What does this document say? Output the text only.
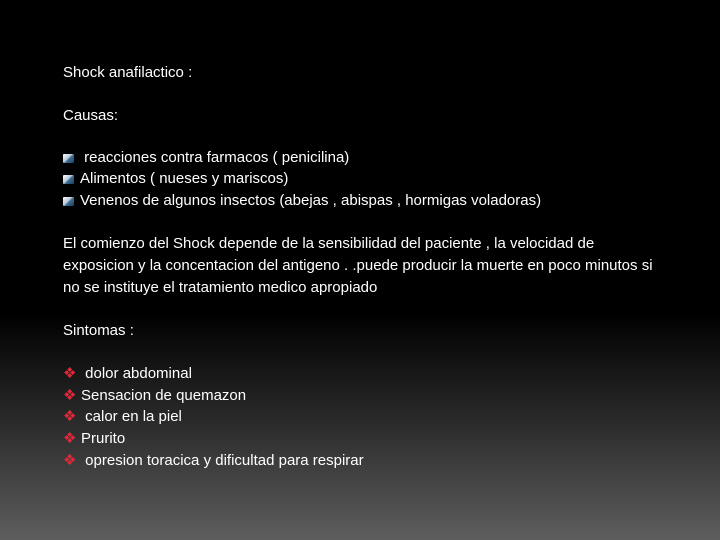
Shock anafilactico :
Causas:
reacciones contra farmacos ( penicilina)
Alimentos ( nueses y mariscos)
Venenos de algunos insectos (abejas , abispas , hormigas voladoras)
El comienzo del Shock depende de la sensibilidad del paciente , la velocidad de exposicion y la concentacion del antigeno . .puede producir la muerte en poco minutos si no se instituye el tratamiento medico apropiado
Sintomas :
❖ dolor abdominal
❖ Sensacion de quemazon
❖ calor en la piel
❖ Prurito
❖ opresion toracica y dificultad para respirar
